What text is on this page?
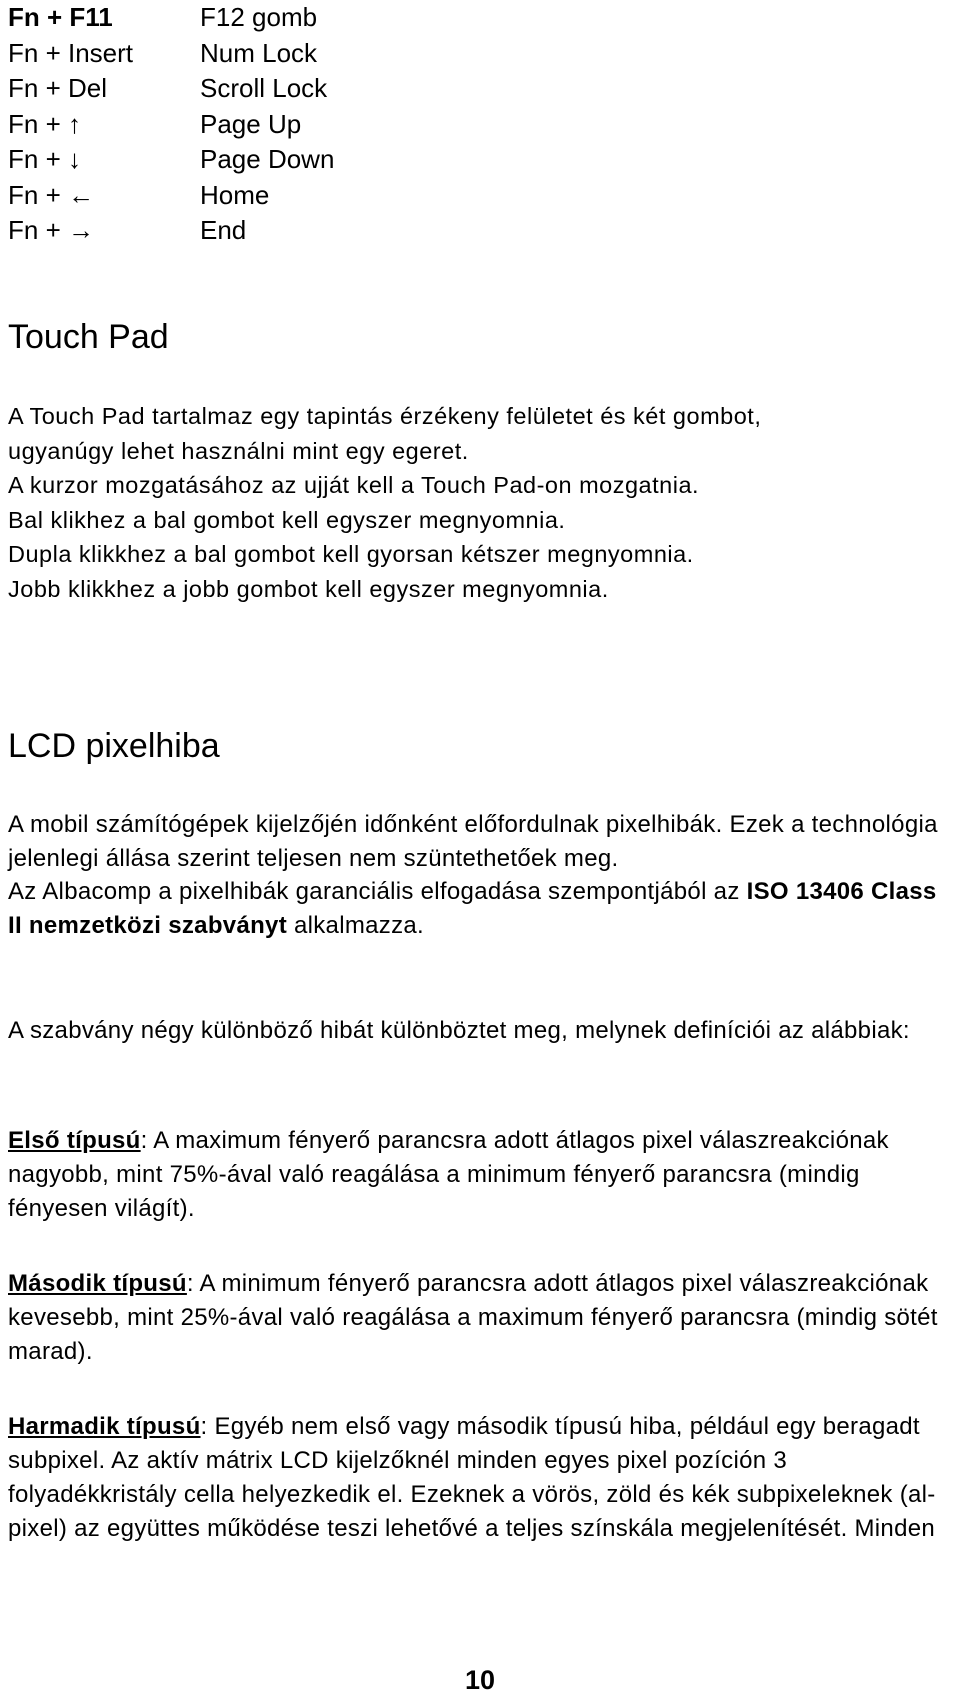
Fn + F11	F12 gomb
Fn + Insert	Num Lock
Fn + Del	Scroll Lock
Fn + ↑	Page Up
Fn + ↓	Page Down
Fn + ←	Home
Fn + →	End
Touch Pad

A Touch Pad tartalmaz egy tapintás érzékeny felületet és két gombot,

ugyanúgy lehet használni mint egy egeret.

A kurzor mozgatásához az ujját kell a Touch Pad-on mozgatnia.

Bal klikhez a bal gombot kell egyszer megnyomnia.

Dupla klikkhez a bal gombot kell gyorsan kétszer megnyomnia.

Jobb klikkhez a jobb gombot kell egyszer megnyomnia.

LCD pixelhiba

A mobil számítógépek kijelzőjén időnként előfordulnak pixelhibák. Ezek a technológia jelenlegi állása szerint teljesen nem szüntethetőek meg.

Az Albacomp a pixelhibák garanciális elfogadása szempontjából az ISO 13406 Class II nemzetközi szabványt alkalmazza.

A szabvány négy különböző hibát különböztet meg, melynek definíciói az alábbiak:

Első típusú: A maximum fényerő parancsra adott átlagos pixel válaszreakciónak nagyobb, mint 75%-ával való reagálása a minimum fényerő parancsra (mindig fényesen világít).

Második típusú: A minimum fényerő parancsra adott átlagos pixel válaszreakciónak kevesebb, mint 25%-ával való reagálása a maximum fényerő parancsra (mindig sötét marad).

Harmadik típusú: Egyéb nem első vagy második típusú hiba, például egy beragadt subpixel. Az aktív mátrix LCD kijelzőknél minden egyes pixel pozíción 3 folyadékkristály cella helyezkedik el. Ezeknek a vörös, zöld és kék subpixeleknek (al-pixel) az együttes működése teszi lehetővé a teljes színskála megjelenítését. Minden

10
